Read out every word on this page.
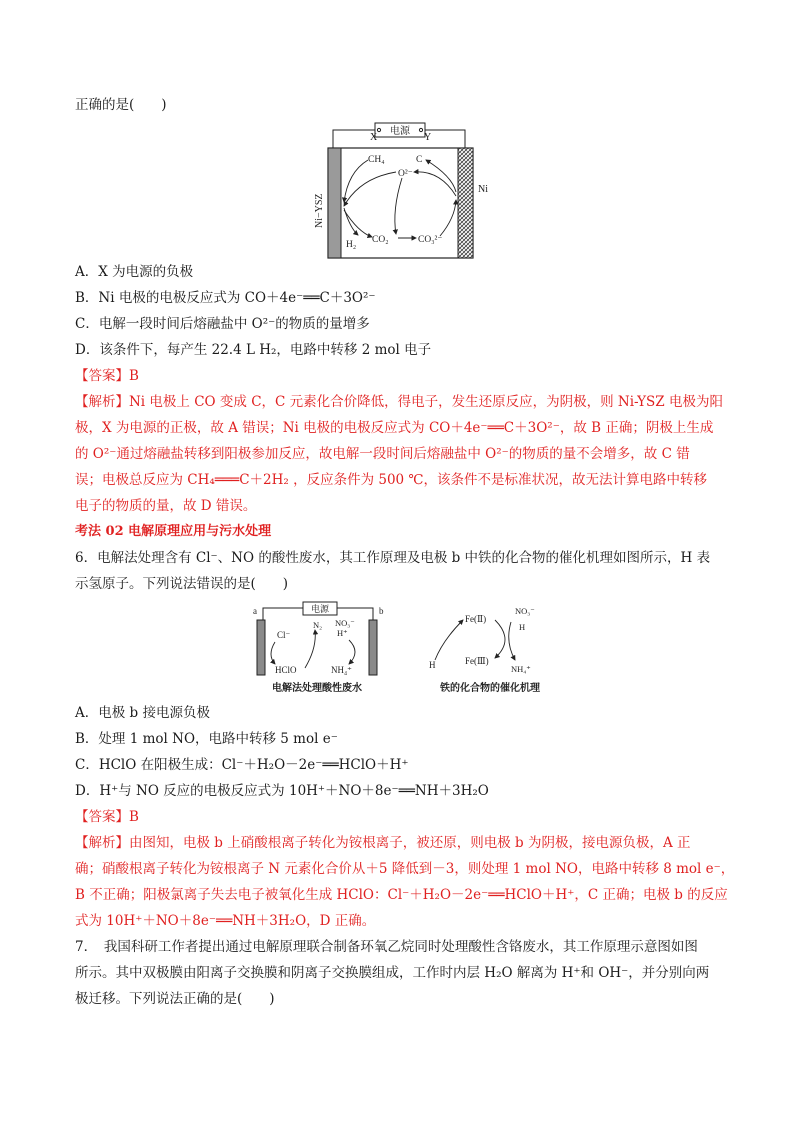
正确的是(　　)
电源
X	Y
Ni−YSZ
Ni
CH₄	C
O²⁻
H₂ CO₂	CO₃²⁻
A．X 为电源的负极
B．Ni 电极的电极反应式为 CO＋4e⁻══C＋3O²⁻
C．电解一段时间后熔融盐中 O²⁻的物质的量增多
D．该条件下，每产生 22.4 L H₂，电路中转移 2 mol 电子
【答案】B
【解析】Ni 电极上 CO 变成 C，C 元素化合价降低，得电子，发生还原反应，为阴极，则 Ni-YSZ 电极为阳
极，X 为电源的正极，故 A 错误；Ni 电极的电极反应式为 CO＋4e⁻══C＋3O²⁻，故 B 正确；阴极上生成
的 O²⁻通过熔融盐转移到阳极参加反应，故电解一段时间后熔融盐中 O²⁻的物质的量不会增多，故 C 错
误；电极总反应为 CH₄═══C＋2H₂ ，反应条件为 500 ℃，该条件不是标准状况，故无法计算电路中转移
电子的物质的量，故 D 错误。
考法 02 电解原理应用与污水处理
6．电解法处理含有 Cl⁻、NO 的酸性废水，其工作原理及电极 b 中铁的化合物的催化机理如图所示，H 表
示氢原子。下列说法错误的是(　　)
电源
a	b
Cl⁻
HClO
N₂ NO₃⁻
H⁺
NH₄⁺
电解法处理酸性废水
Fe(Ⅱ)
Fe(Ⅲ)
NO₃⁻
H
H	NH₄⁺
铁的化合物的催化机理
A．电极 b 接电源负极
B．处理 1 mol NO，电路中转移 5 mol e⁻
C．HClO 在阳极生成：Cl⁻＋H₂O－2e⁻══HClO＋H⁺
D．H⁺与 NO 反应的电极反应式为 10H⁺＋NO＋8e⁻══NH＋3H₂O
【答案】B
【解析】由图知，电极 b 上硝酸根离子转化为铵根离子，被还原，则电极 b 为阴极，接电源负极，A 正
确；硝酸根离子转化为铵根离子 N 元素化合价从＋5 降低到－3，则处理 1 mol NO，电路中转移 8 mol e⁻，
B 不正确；阳极氯离子失去电子被氧化生成 HClO：Cl⁻＋H₂O－2e⁻══HClO＋H⁺，C 正确；电极 b 的反应
式为 10H⁺＋NO＋8e⁻══NH＋3H₂O，D 正确。
7．　我国科研工作者提出通过电解原理联合制备环氧乙烷同时处理酸性含铬废水，其工作原理示意图如图
所示。其中双极膜由阳离子交换膜和阴离子交换膜组成，工作时内层 H₂O 解离为 H⁺和 OH⁻，并分别向两
极迁移。下列说法正确的是(　　)
